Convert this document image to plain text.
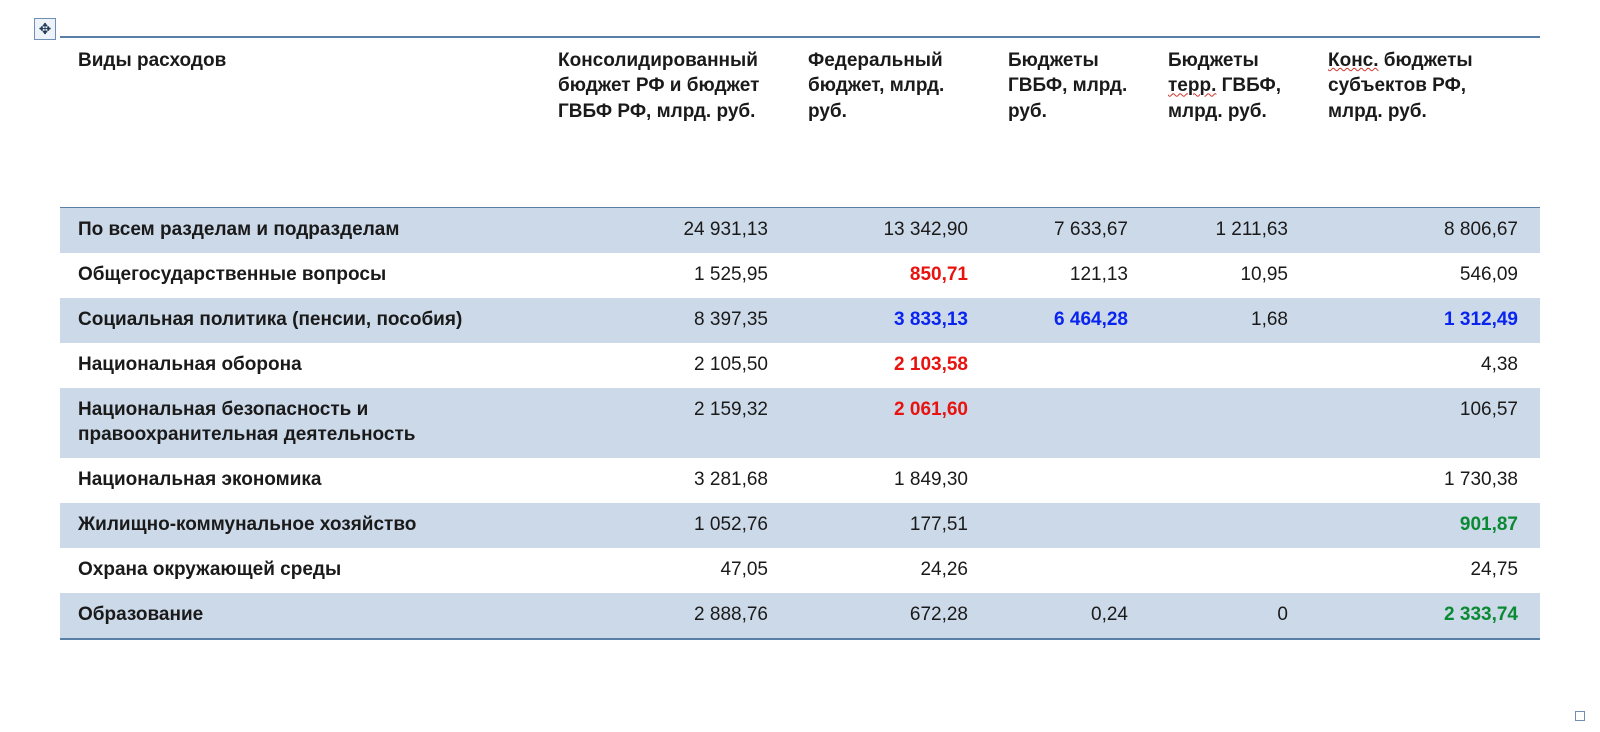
✥
Виды расходов	Консолидированный бюджет РФ и бюджет ГВБФ РФ, млрд. руб.	Федеральный бюджет, млрд. руб.	Бюджеты ГВБФ, млрд. руб.	Бюджеты терр. ГВБФ, млрд. руб.	Конс. бюджеты субъектов РФ, млрд. руб.
По всем разделам и подразделам	24 931,13	13 342,90	7 633,67	1 211,63	8 806,67
Общегосударственные вопросы	1 525,95	850,71	121,13	10,95	546,09
Социальная политика (пенсии, пособия)	8 397,35	3 833,13	6 464,28	1,68	1 312,49
Национальная оборона	2 105,50	2 103,58			4,38
Национальная безопасность и правоохранительная деятельность	2 159,32	2 061,60			106,57
Национальная экономика	3 281,68	1 849,30			1 730,38
Жилищно-коммунальное хозяйство	1 052,76	177,51			901,87
Охрана окружающей среды	47,05	24,26			24,75
Образование	2 888,76	672,28	0,24	0	2 333,74
